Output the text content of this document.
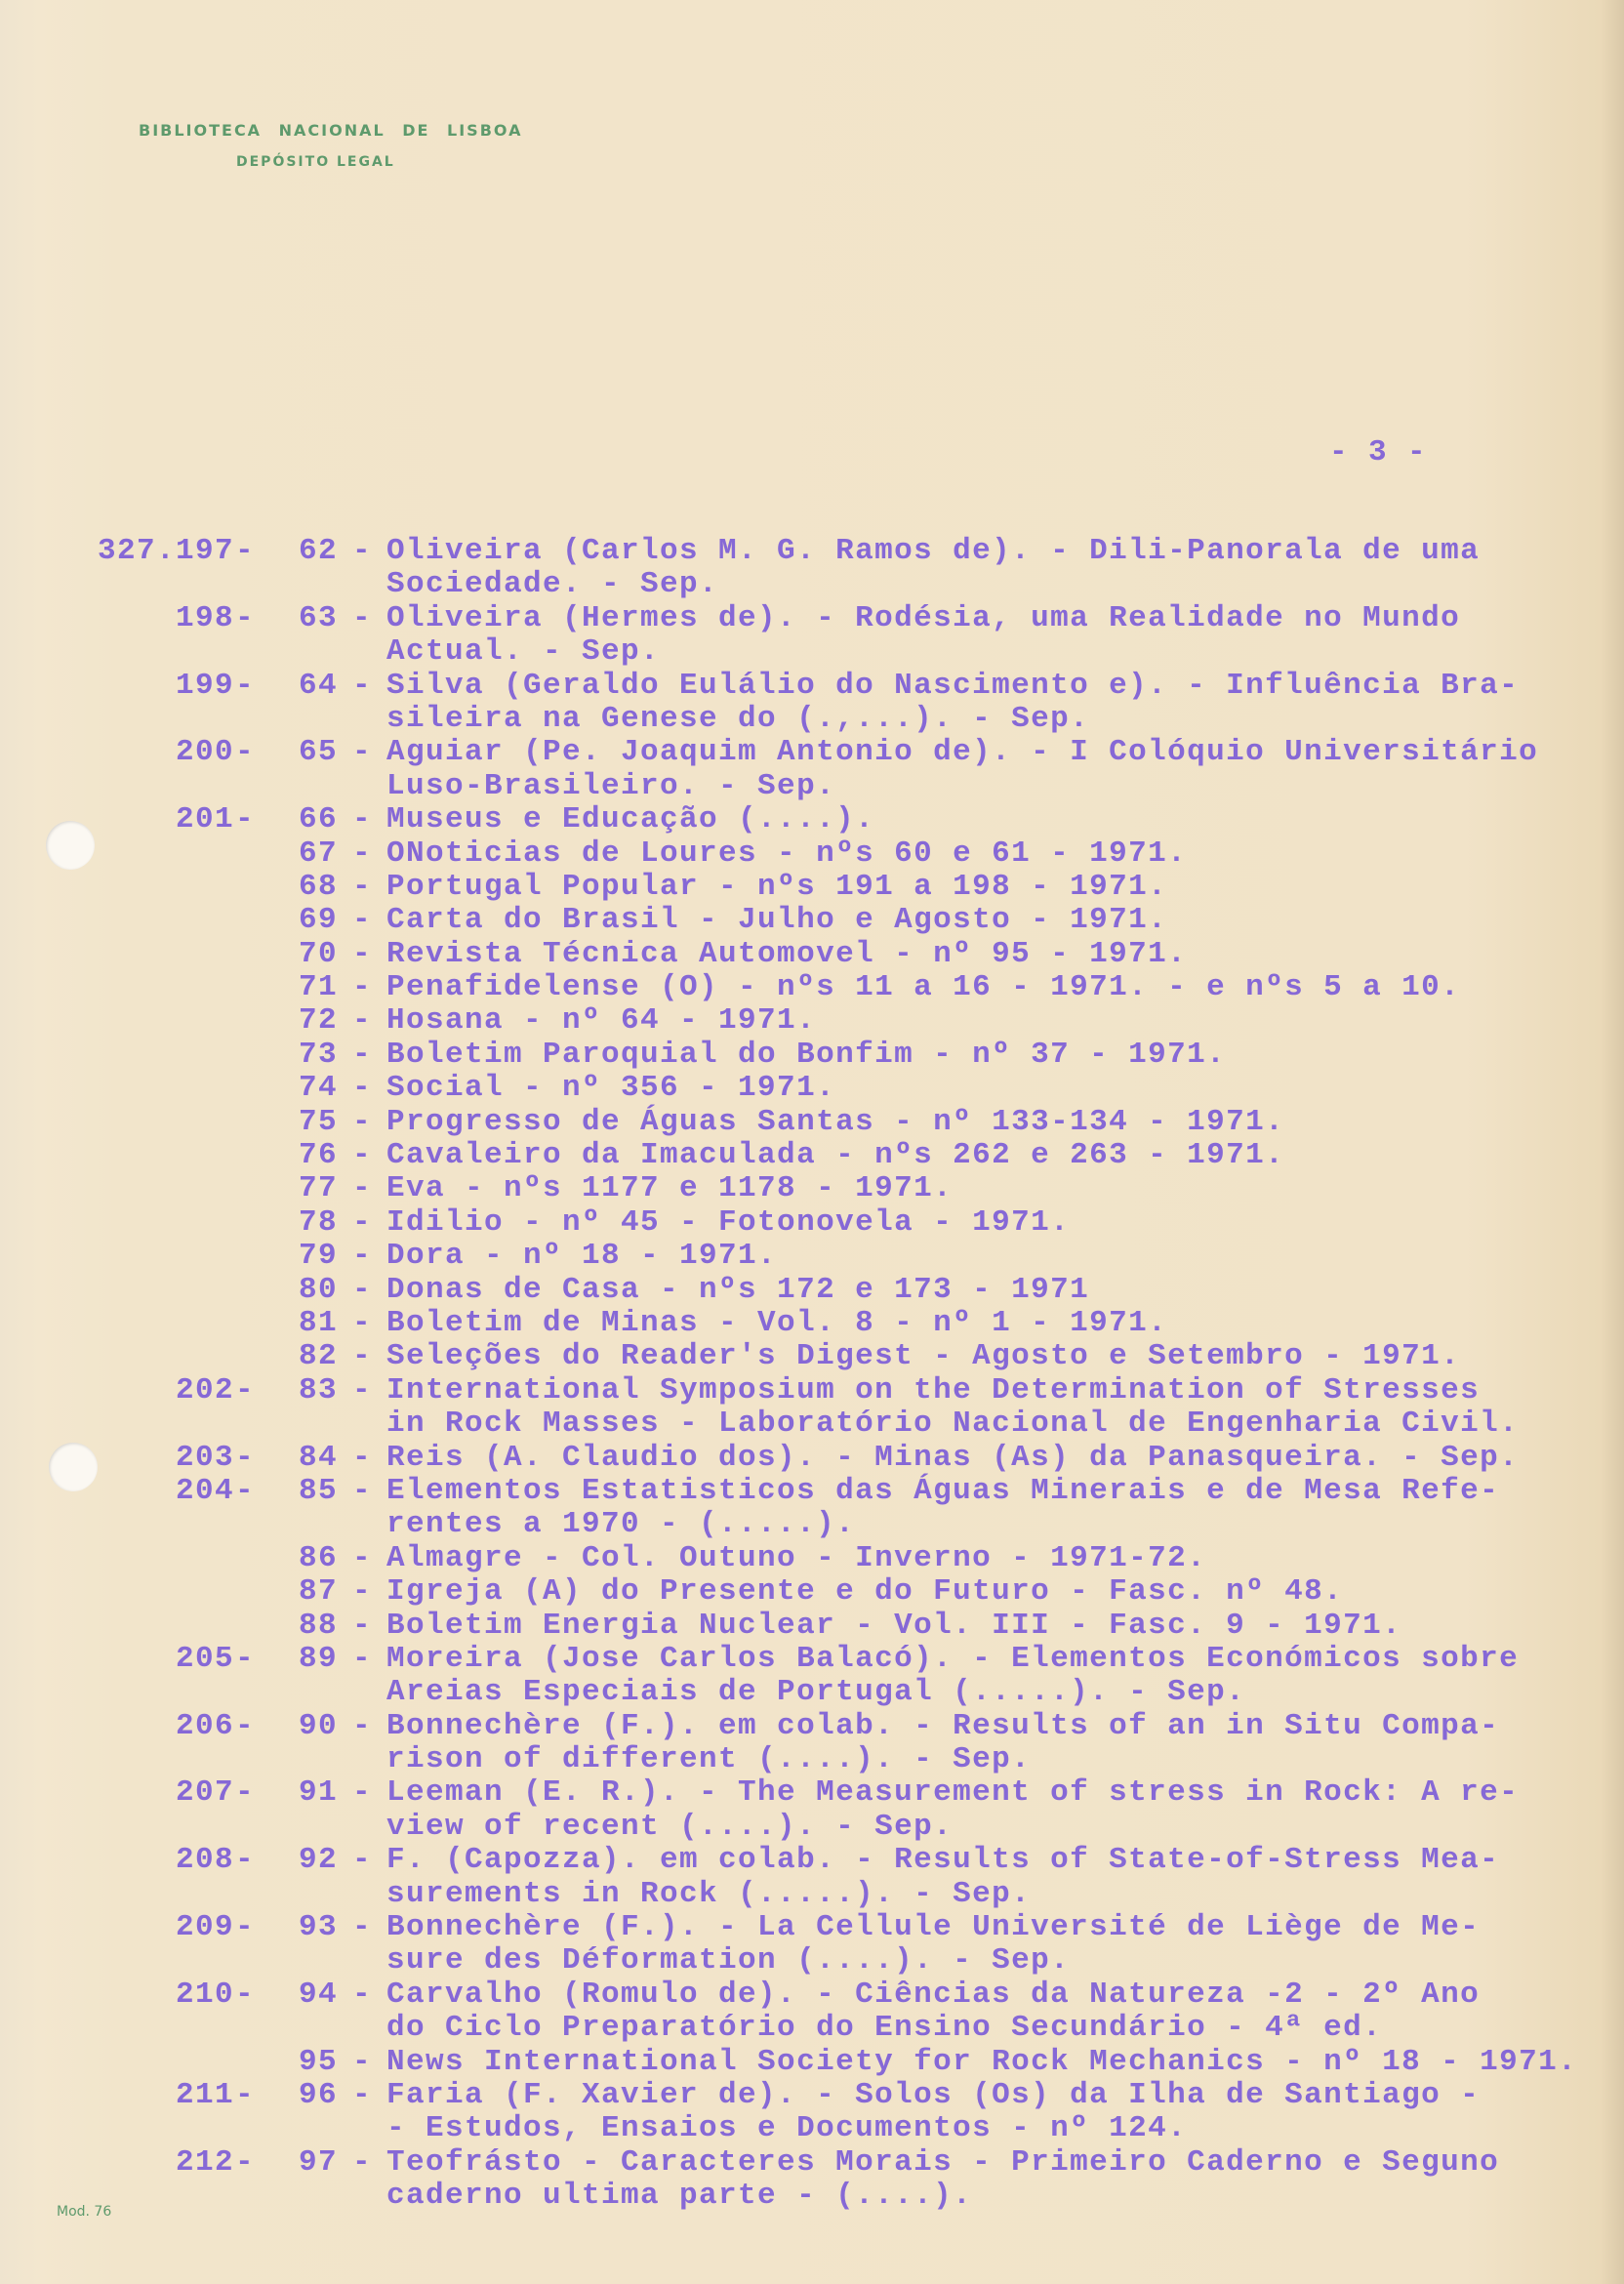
BIBLIOTECA NACIONAL DE LISBOA
DEPÓSITO LEGAL
Mod. 76
- 3 -
327.197 -	62 - Oliveira (Carlos M. G. Ramos de). - Dili-Panorala de uma
Sociedade. - Sep.
198 -	63 - Oliveira (Hermes de). - Rodésia, uma Realidade no Mundo
Actual. - Sep.
199 -	64 - Silva (Geraldo Eulálio do Nascimento e). - Influência Bra-
sileira na Genese do (.,...). - Sep.
200 -	65 - Aguiar (Pe. Joaquim Antonio de). - I Colóquio Universitário
Luso-Brasileiro. - Sep.
201 -	66 - Museus e Educação (....).
67 - ONoticias de Loures - nºs 60 e 61 - 1971.
68 - Portugal Popular - nºs 191 a 198 - 1971.
69 - Carta do Brasil - Julho e Agosto - 1971.
70 - Revista Técnica Automovel - nº 95 - 1971.
71 - Penafidelense (O) - nºs 11 a 16 - 1971. - e nºs 5 a 10.
72 - Hosana - nº 64 - 1971.
73 - Boletim Paroquial do Bonfim - nº 37 - 1971.
74 - Social - nº 356 - 1971.
75 - Progresso de Águas Santas - nº 133-134 - 1971.
76 - Cavaleiro da Imaculada - nºs 262 e 263 - 1971.
77 - Eva - nºs 1177 e 1178 - 1971.
78 - Idilio - nº 45 - Fotonovela - 1971.
79 - Dora - nº 18 - 1971.
80 - Donas de Casa - nºs 172 e 173 - 1971
81 - Boletim de Minas - Vol. 8 - nº 1 - 1971.
82 - Seleções do Reader's Digest - Agosto e Setembro - 1971.
202 -	83 - International Symposium on the Determination of Stresses
in Rock Masses - Laboratório Nacional de Engenharia Civil.
203 -	84 - Reis (A. Claudio dos). - Minas (As) da Panasqueira. - Sep.
204 -	85 - Elementos Estatisticos das Águas Minerais e de Mesa Refe-
rentes a 1970 - (.....).
86 - Almagre - Col. Outuno - Inverno - 1971-72.
87 - Igreja (A) do Presente e do Futuro - Fasc. nº 48.
88 - Boletim Energia Nuclear - Vol. III - Fasc. 9 - 1971.
205 -	89 - Moreira (Jose Carlos Balacó). - Elementos Económicos sobre
Areias Especiais de Portugal (.....). - Sep.
206 -	90 - Bonnechère (F.). em colab. - Results of an in Situ Compa-
rison of different (....). - Sep.
207 -	91 - Leeman (E. R.). - The Measurement of stress in Rock: A re-
view of recent (....). - Sep.
208 -	92 - F. (Capozza). em colab. - Results of State-of-Stress Mea-
surements in Rock (.....). - Sep.
209 -	93 - Bonnechère (F.). - La Cellule Université de Liège de Me-
sure des Déformation (....). - Sep.
210 -	94 - Carvalho (Romulo de). - Ciências da Natureza -2 - 2º Ano
do Ciclo Preparatório do Ensino Secundário - 4ª ed.
95 - News International Society for Rock Mechanics - nº 18 - 1971.
211 -	96 - Faria (F. Xavier de). - Solos (Os) da Ilha de Santiago -
- Estudos, Ensaios e Documentos - nº 124.
212 -	97 - Teofrásto - Caracteres Morais - Primeiro Caderno e Seguno
caderno ultima parte - (....).
